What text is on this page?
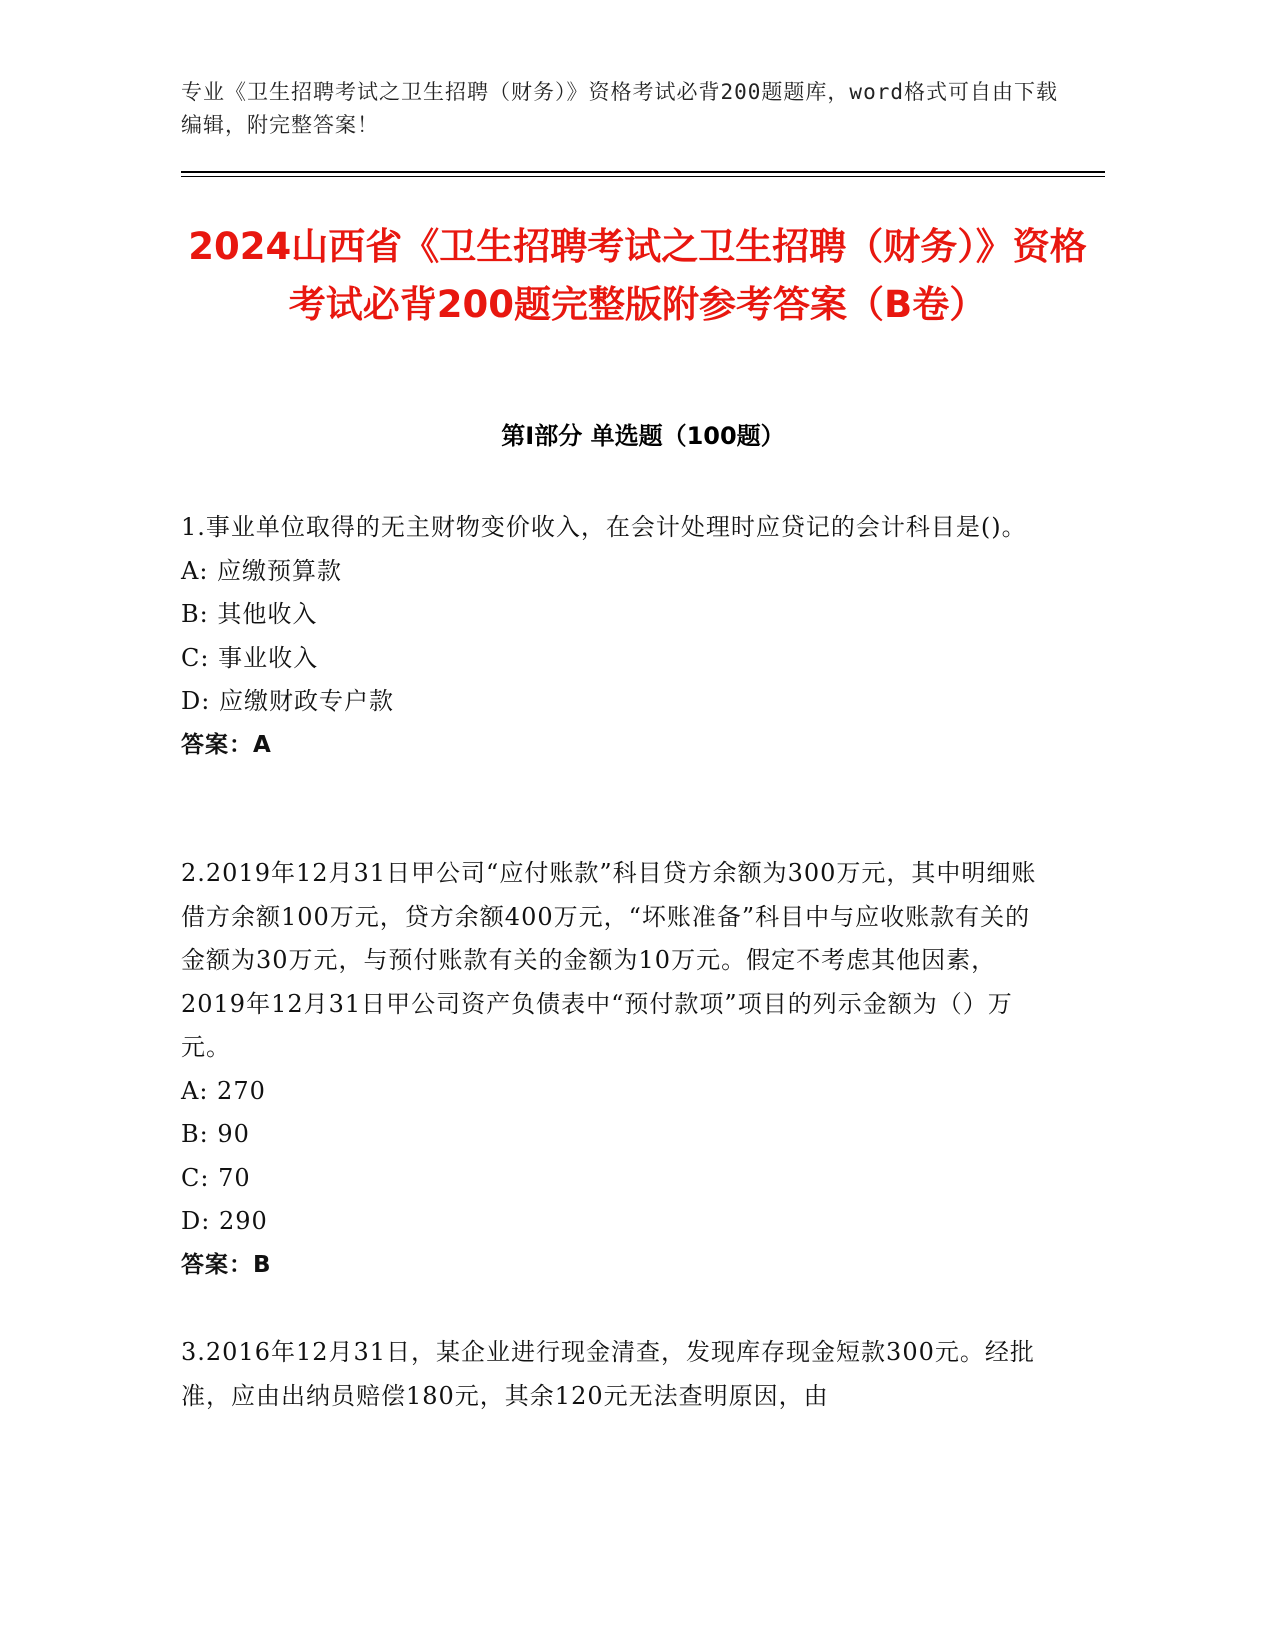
专业《卫生招聘考试之卫生招聘（财务）》资格考试必背200题题库，word格式可自由下载编辑，附完整答案！
2024山西省《卫生招聘考试之卫生招聘（财务）》资格考试必背200题完整版附参考答案（B卷）
第I部分 单选题（100题）

1.事业单位取得的无主财物变价收入，在会计处理时应贷记的会计科目是()。

A: 应缴预算款

B: 其他收入

C: 事业收入

D: 应缴财政专户款

答案：A

2.2019年12月31日甲公司“应付账款”科目贷方余额为300万元，其中明细账借方余额100万元，贷方余额400万元，“坏账准备”科目中与应收账款有关的金额为30万元，与预付账款有关的金额为10万元。假定不考虑其他因素，2019年12月31日甲公司资产负债表中“预付款项”项目的列示金额为（）万元。

A: 270

B: 90

C: 70

D: 290

答案：B

3.2016年12月31日，某企业进行现金清查，发现库存现金短款300元。经批准，应由出纳员赔偿180元，其余120元无法查明原因，由
